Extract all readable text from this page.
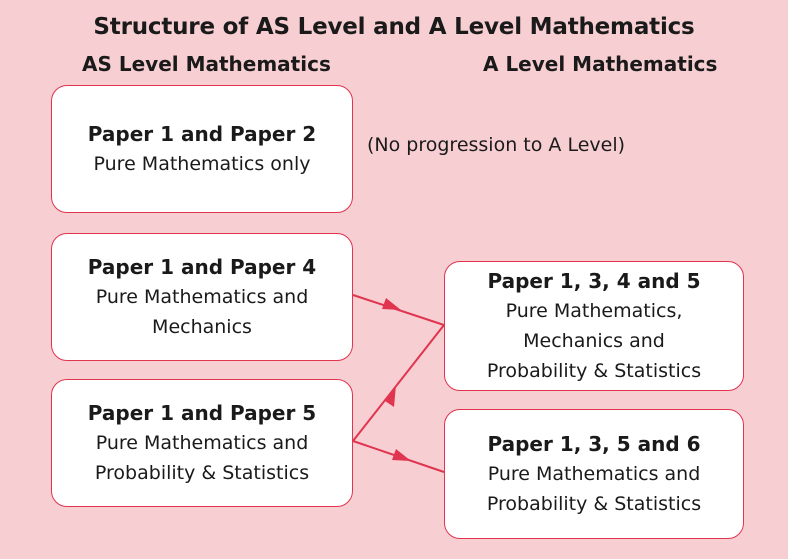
Structure of AS Level and A Level Mathematics
AS Level Mathematics	A Level Mathematics
Paper 1 and Paper 2
Pure Mathematics only
(No progression to A Level)
Paper 1 and Paper 4
Pure Mathematics and
Mechanics
Paper 1 and Paper 5
Pure Mathematics and
Probability & Statistics
Paper 1, 3, 4 and 5
Pure Mathematics,
Mechanics and
Probability & Statistics
Paper 1, 3, 5 and 6
Pure Mathematics and
Probability & Statistics
